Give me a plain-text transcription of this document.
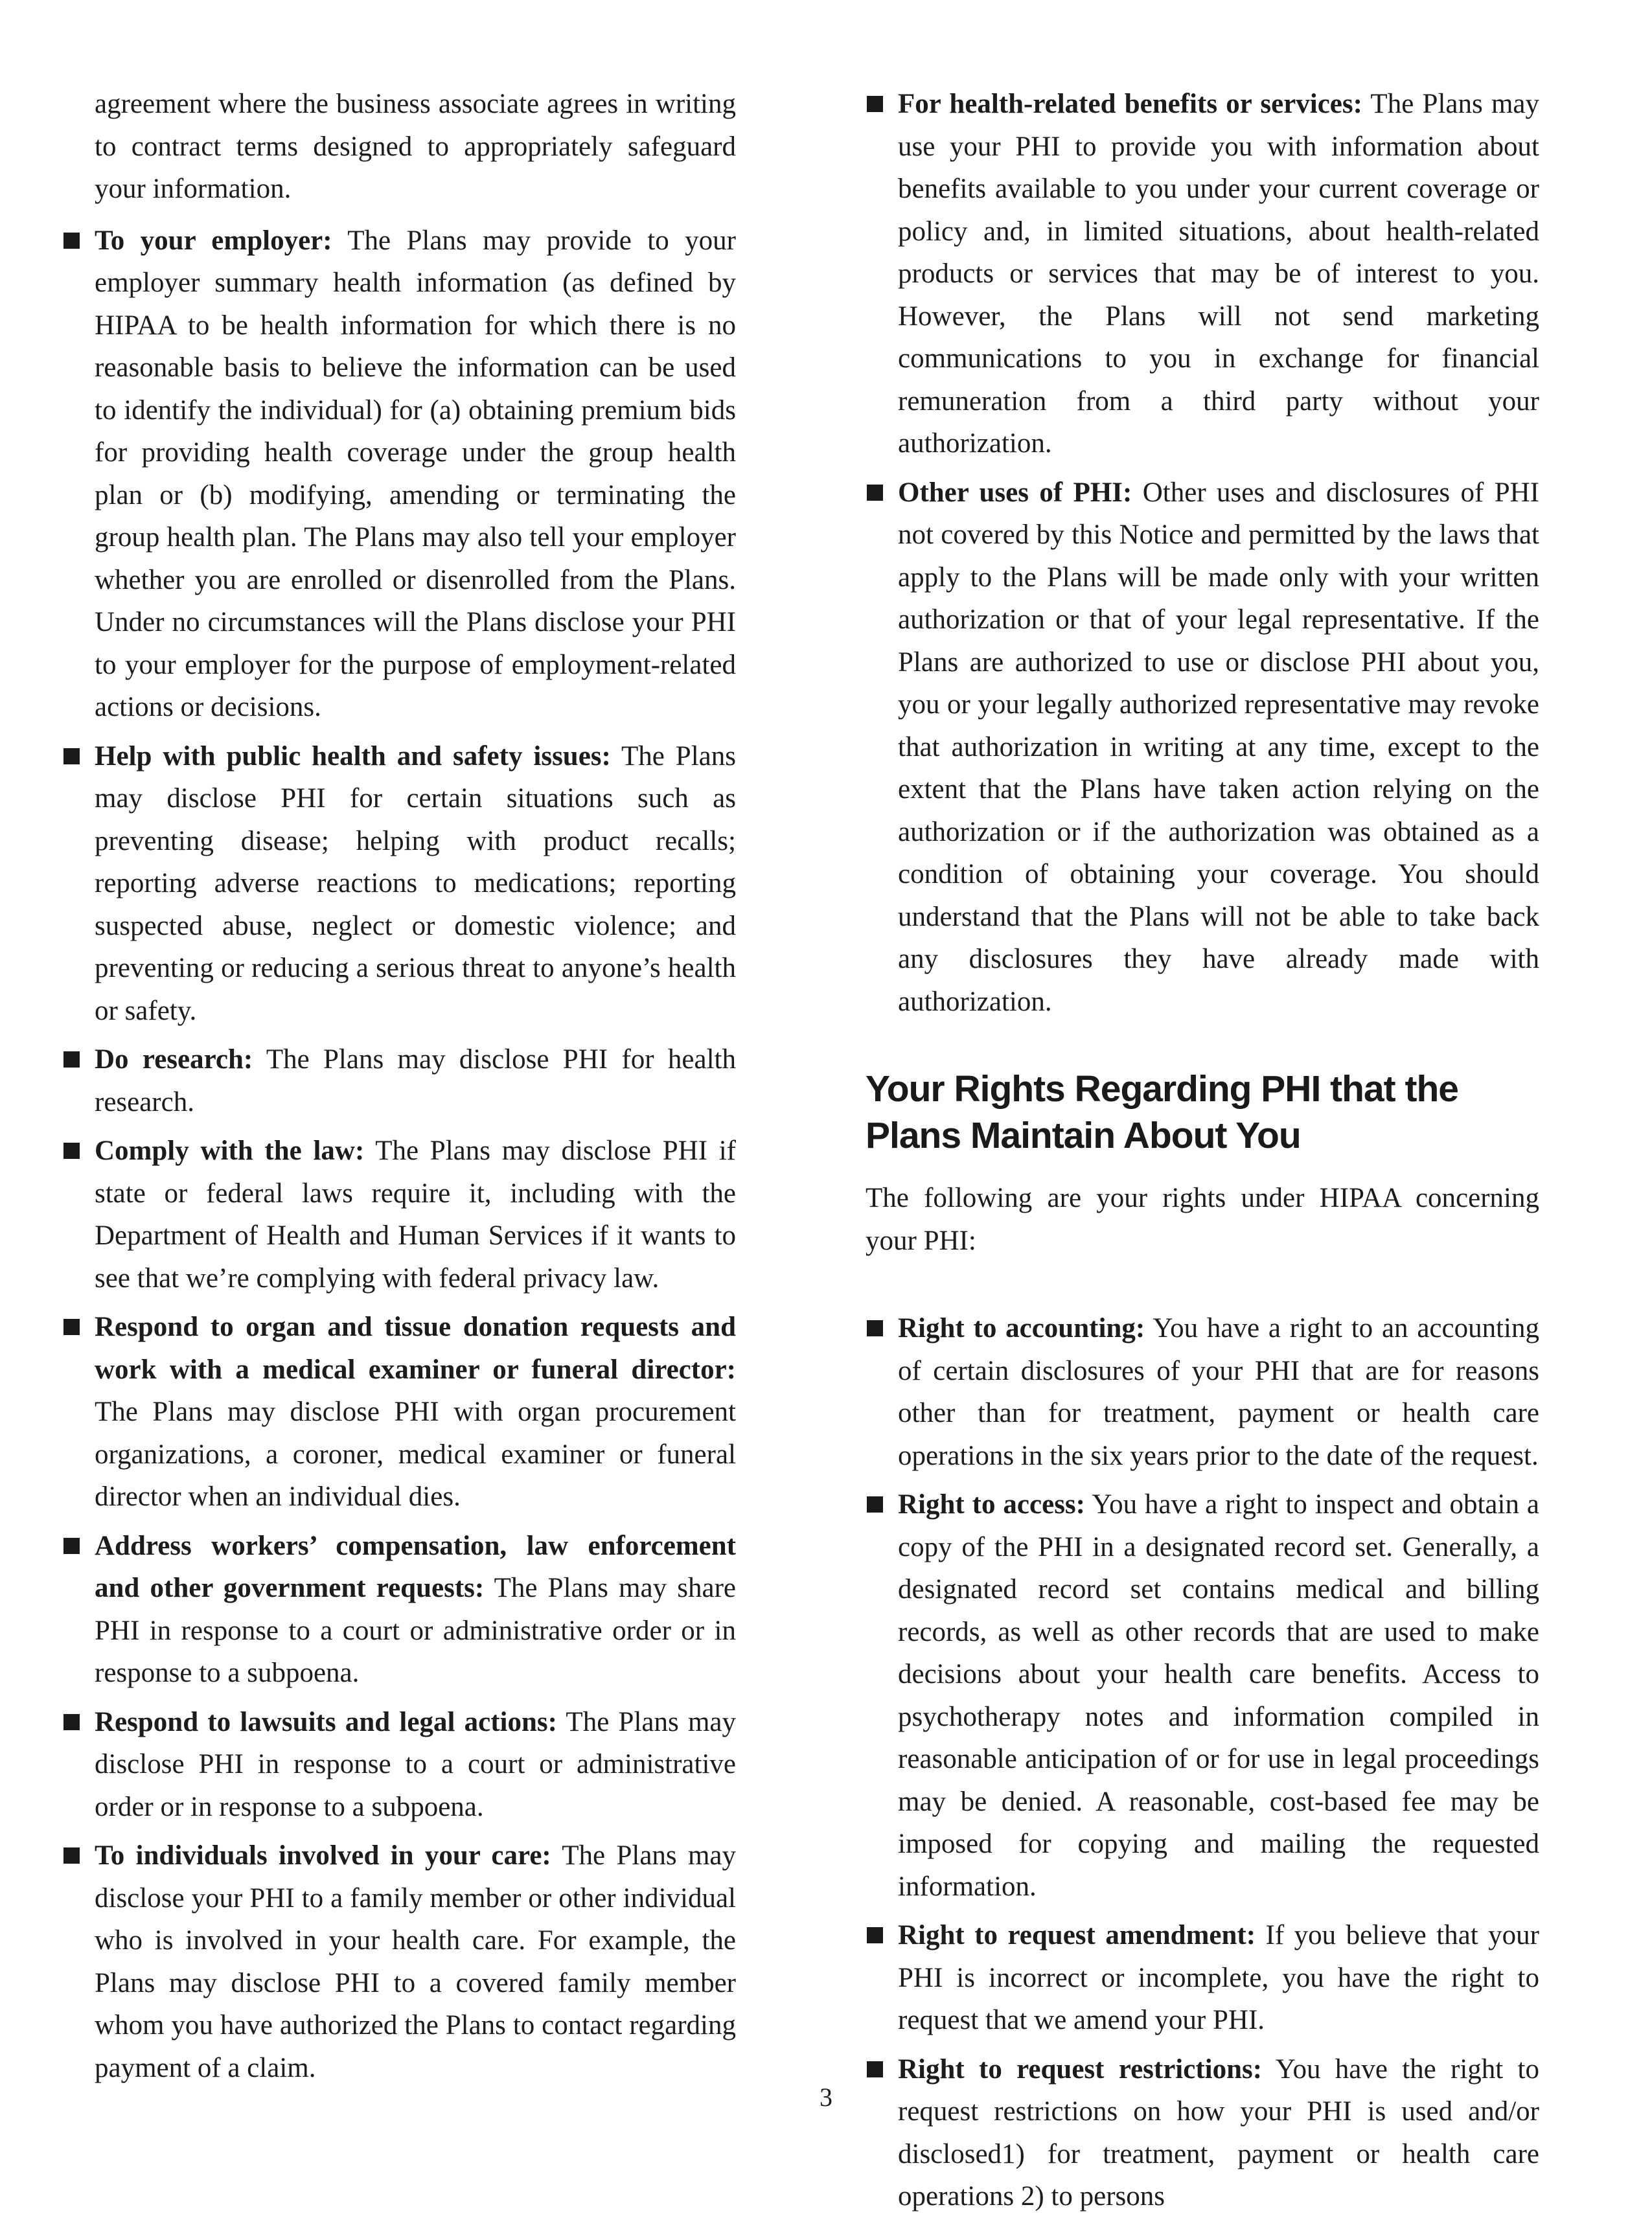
agreement where the business associate agrees in writing to contract terms designed to appropriately safeguard your information.

To your employer: The Plans may provide to your employer summary health information (as defined by HIPAA to be health information for which there is no reasonable basis to believe the information can be used to identify the individual) for (a) obtaining premium bids for providing health coverage under the group health plan or (b) modifying, amending or terminating the group health plan. The Plans may also tell your employer whether you are enrolled or disenrolled from the Plans. Under no circumstances will the Plans disclose your PHI to your employer for the purpose of employment-related actions or decisions.
Help with public health and safety issues: The Plans may disclose PHI for certain situations such as preventing disease; helping with product recalls; reporting adverse reactions to medications; reporting suspected abuse, neglect or domestic violence; and preventing or reducing a serious threat to anyone’s health or safety.
Do research: The Plans may disclose PHI for health research.
Comply with the law: The Plans may disclose PHI if state or federal laws require it, including with the Department of Health and Human Services if it wants to see that we’re complying with federal privacy law.
Respond to organ and tissue donation requests and work with a medical examiner or funeral director: The Plans may disclose PHI with organ procurement organizations, a coroner, medical examiner or funeral director when an individual dies.
Address workers’ compensation, law enforcement and other government requests: The Plans may share PHI in response to a court or administrative order or in response to a subpoena.
Respond to lawsuits and legal actions: The Plans may disclose PHI in response to a court or administrative order or in response to a subpoena.
To individuals involved in your care: The Plans may disclose your PHI to a family member or other individual who is involved in your health care. For example, the Plans may disclose PHI to a covered family member whom you have authorized the Plans to contact regarding payment of a claim.
For health-related benefits or services: The Plans may use your PHI to provide you with information about benefits available to you under your current coverage or policy and, in limited situations, about health-related products or services that may be of interest to you. However, the Plans will not send marketing communications to you in exchange for financial remuneration from a third party without your authorization.
Other uses of PHI: Other uses and disclosures of PHI not covered by this Notice and permitted by the laws that apply to the Plans will be made only with your written authorization or that of your legal representative. If the Plans are authorized to use or disclose PHI about you, you or your legally authorized representative may revoke that authorization in writing at any time, except to the extent that the Plans have taken action relying on the authorization or if the authorization was obtained as a condition of obtaining your coverage. You should understand that the Plans will not be able to take back any disclosures they have already made with authorization.
Your Rights Regarding PHI that the
Plans Maintain About You

The following are your rights under HIPAA concerning your PHI:

Right to accounting: You have a right to an accounting of certain disclosures of your PHI that are for reasons other than for treatment, payment or health care operations in the six years prior to the date of the request.
Right to access: You have a right to inspect and obtain a copy of the PHI in a designated record set. Generally, a designated record set contains medical and billing records, as well as other records that are used to make decisions about your health care benefits. Access to psychotherapy notes and information compiled in reasonable anticipation of or for use in legal proceedings may be denied. A reasonable, cost-based fee may be imposed for copying and mailing the requested information.
Right to request amendment: If you believe that your PHI is incorrect or incomplete, you have the right to request that we amend your PHI.
Right to request restrictions: You have the right to request restrictions on how your PHI is used and/or disclosed1) for treatment, payment or health care operations 2) to persons
3
